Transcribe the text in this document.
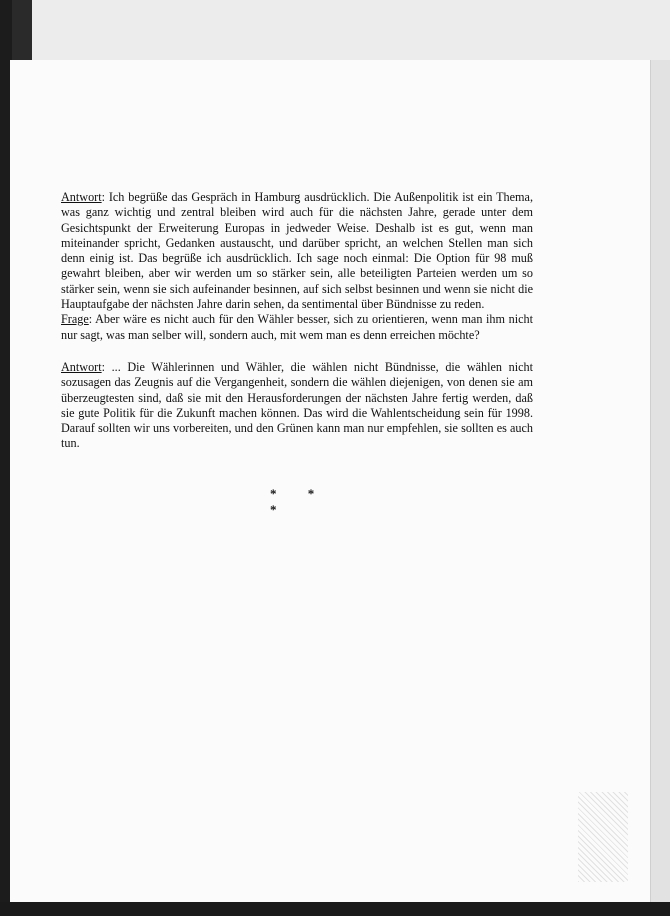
Antwort: Ich begrüße das Gespräch in Hamburg ausdrücklich. Die Außenpolitik ist ein Thema, was ganz wichtig und zentral bleiben wird auch für die nächsten Jahre, gerade unter dem Gesichtspunkt der Erweiterung Europas in jedweder Weise. Deshalb ist es gut, wenn man miteinander spricht, Gedanken austauscht, und darüber spricht, an welchen Stellen man sich denn einig ist. Das begrüße ich ausdrücklich. Ich sage noch einmal: Die Option für 98 muß gewahrt bleiben, aber wir werden um so stärker sein, alle beteiligten Parteien werden um so stärker sein, wenn sie sich aufeinander besinnen, auf sich selbst besinnen und wenn sie nicht die Hauptaufgabe der nächsten Jahre darin sehen, da sentimental über Bündnisse zu reden.

Frage: Aber wäre es nicht auch für den Wähler besser, sich zu orientieren, wenn man ihm nicht nur sagt, was man selber will, sondern auch, mit wem man es denn erreichen möchte?

Antwort: ... Die Wählerinnen und Wähler, die wählen nicht Bündnisse, die wählen nicht sozusagen das Zeugnis auf die Vergangenheit, sondern die wählen diejenigen, von denen sie am überzeugtesten sind, daß sie mit den Herausforderungen der nächsten Jahre fertig werden, daß sie gute Politik für die Zukunft machen können. Das wird die Wahlentscheidung sein für 1998. Darauf sollten wir uns vorbereiten, und den Grünen kann man nur empfehlen, sie sollten es auch tun.

* * *
